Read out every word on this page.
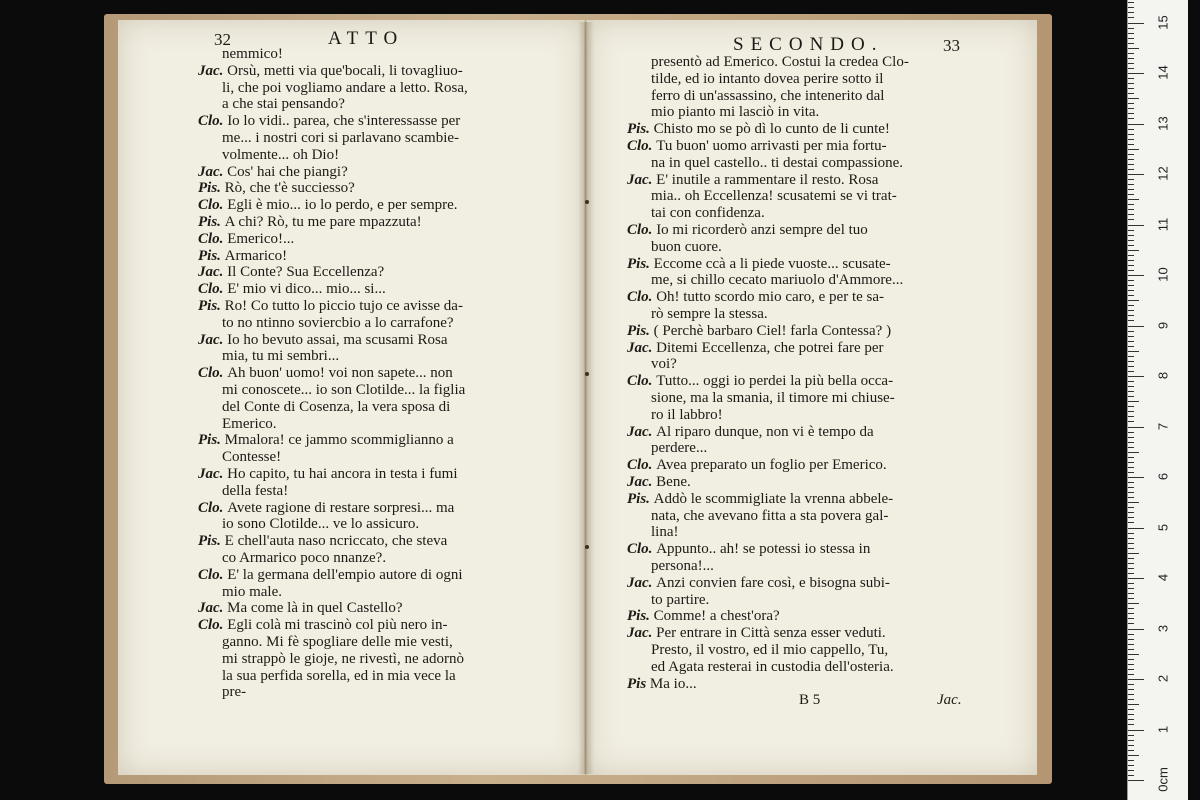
32	ATTO
nemmico!
Jac. Orsù, metti via que'bocali, li tovagliuo-
li, che poi vogliamo andare a letto. Rosa,
a che stai pensando?
Clo. Io lo vidi.. parea, che s'interessasse per
me... i nostri cori si parlavano scambie-
volmente... oh Dio!
Jac. Cos' hai che piangi?
Pis. Rò, che t'è succiesso?
Clo. Egli è mio... io lo perdo, e per sempre.
Pis. A chi? Rò, tu me pare mpazzuta!
Clo. Emerico!...
Pis. Armarico!
Jac. Il Conte? Sua Eccellenza?
Clo. E' mio vi dico... mio... si...
Pis. Ro! Co tutto lo piccio tujo ce avisse da-
to no ntinno soviercbio a lo carrafone?
Jac. Io ho bevuto assai, ma scusami Rosa
mia, tu mi sembri...
Clo. Ah buon' uomo! voi non sapete... non
mi conoscete... io son Clotilde... la figlia
del Conte di Cosenza, la vera sposa di
Emerico.
Pis. Mmalora! ce jammo scommiglianno a
Contesse!
Jac. Ho capito, tu hai ancora in testa i fumi
della festa!
Clo. Avete ragione di restare sorpresi... ma
io sono Clotilde... ve lo assicuro.
Pis. E chell'auta naso ncriccato, che steva
co Armarico poco nnanze?.
Clo. E' la germana dell'empio autore di ogni
mio male.
Jac. Ma come là in quel Castello?
Clo. Egli colà mi trascinò col più nero in-
ganno. Mi fè spogliare delle mie vesti,
mi strappò le gioje, ne rivestì, ne adornò
la sua perfida sorella, ed in mia vece la
pre-
SECONDO.	33
presentò ad Emerico. Costui la credea Clo-
tilde, ed io intanto dovea perire sotto il
ferro di un'assassino, che intenerito dal
mio pianto mi lasciò in vita.
Pis. Chisto mo se pò dì lo cunto de li cunte!
Clo. Tu buon' uomo arrivasti per mia fortu-
na in quel castello.. ti destai compassione.
Jac. E' inutile a rammentare il resto. Rosa
mia.. oh Eccellenza! scusatemi se vi trat-
tai con confidenza.
Clo. Io mi ricorderò anzi sempre del tuo
buon cuore.
Pis. Eccome ccà a li piede vuoste... scusate-
me, si chillo cecato mariuolo d'Ammore...
Clo. Oh! tutto scordo mio caro, e per te sa-
rò sempre la stessa.
Pis. ( Perchè barbaro Ciel! farla Contessa? )
Jac. Ditemi Eccellenza, che potrei fare per
voi?
Clo. Tutto... oggi io perdei la più bella occa-
sione, ma la smania, il timore mi chiuse-
ro il labbro!
Jac. Al riparo dunque, non vi è tempo da
perdere...
Clo. Avea preparato un foglio per Emerico.
Jac. Bene.
Pis. Addò le scommigliate la vrenna abbele-
nata, che avevano fitta a sta povera gal-
lina!
Clo. Appunto.. ah! se potessi io stessa in
persona!...
Jac. Anzi convien fare così, e bisogna subi-
to partire.
Pis. Comme! a chest'ora?
Jac. Per entrare in Città senza esser veduti.
Presto, il vostro, ed il mio cappello, Tu,
ed Agata resterai in custodia dell'osteria.
Pis Ma io...
B 5	Jac.
0cm
1
2
3
4
5
6
7
8
9
10
11
12
13
14
15
